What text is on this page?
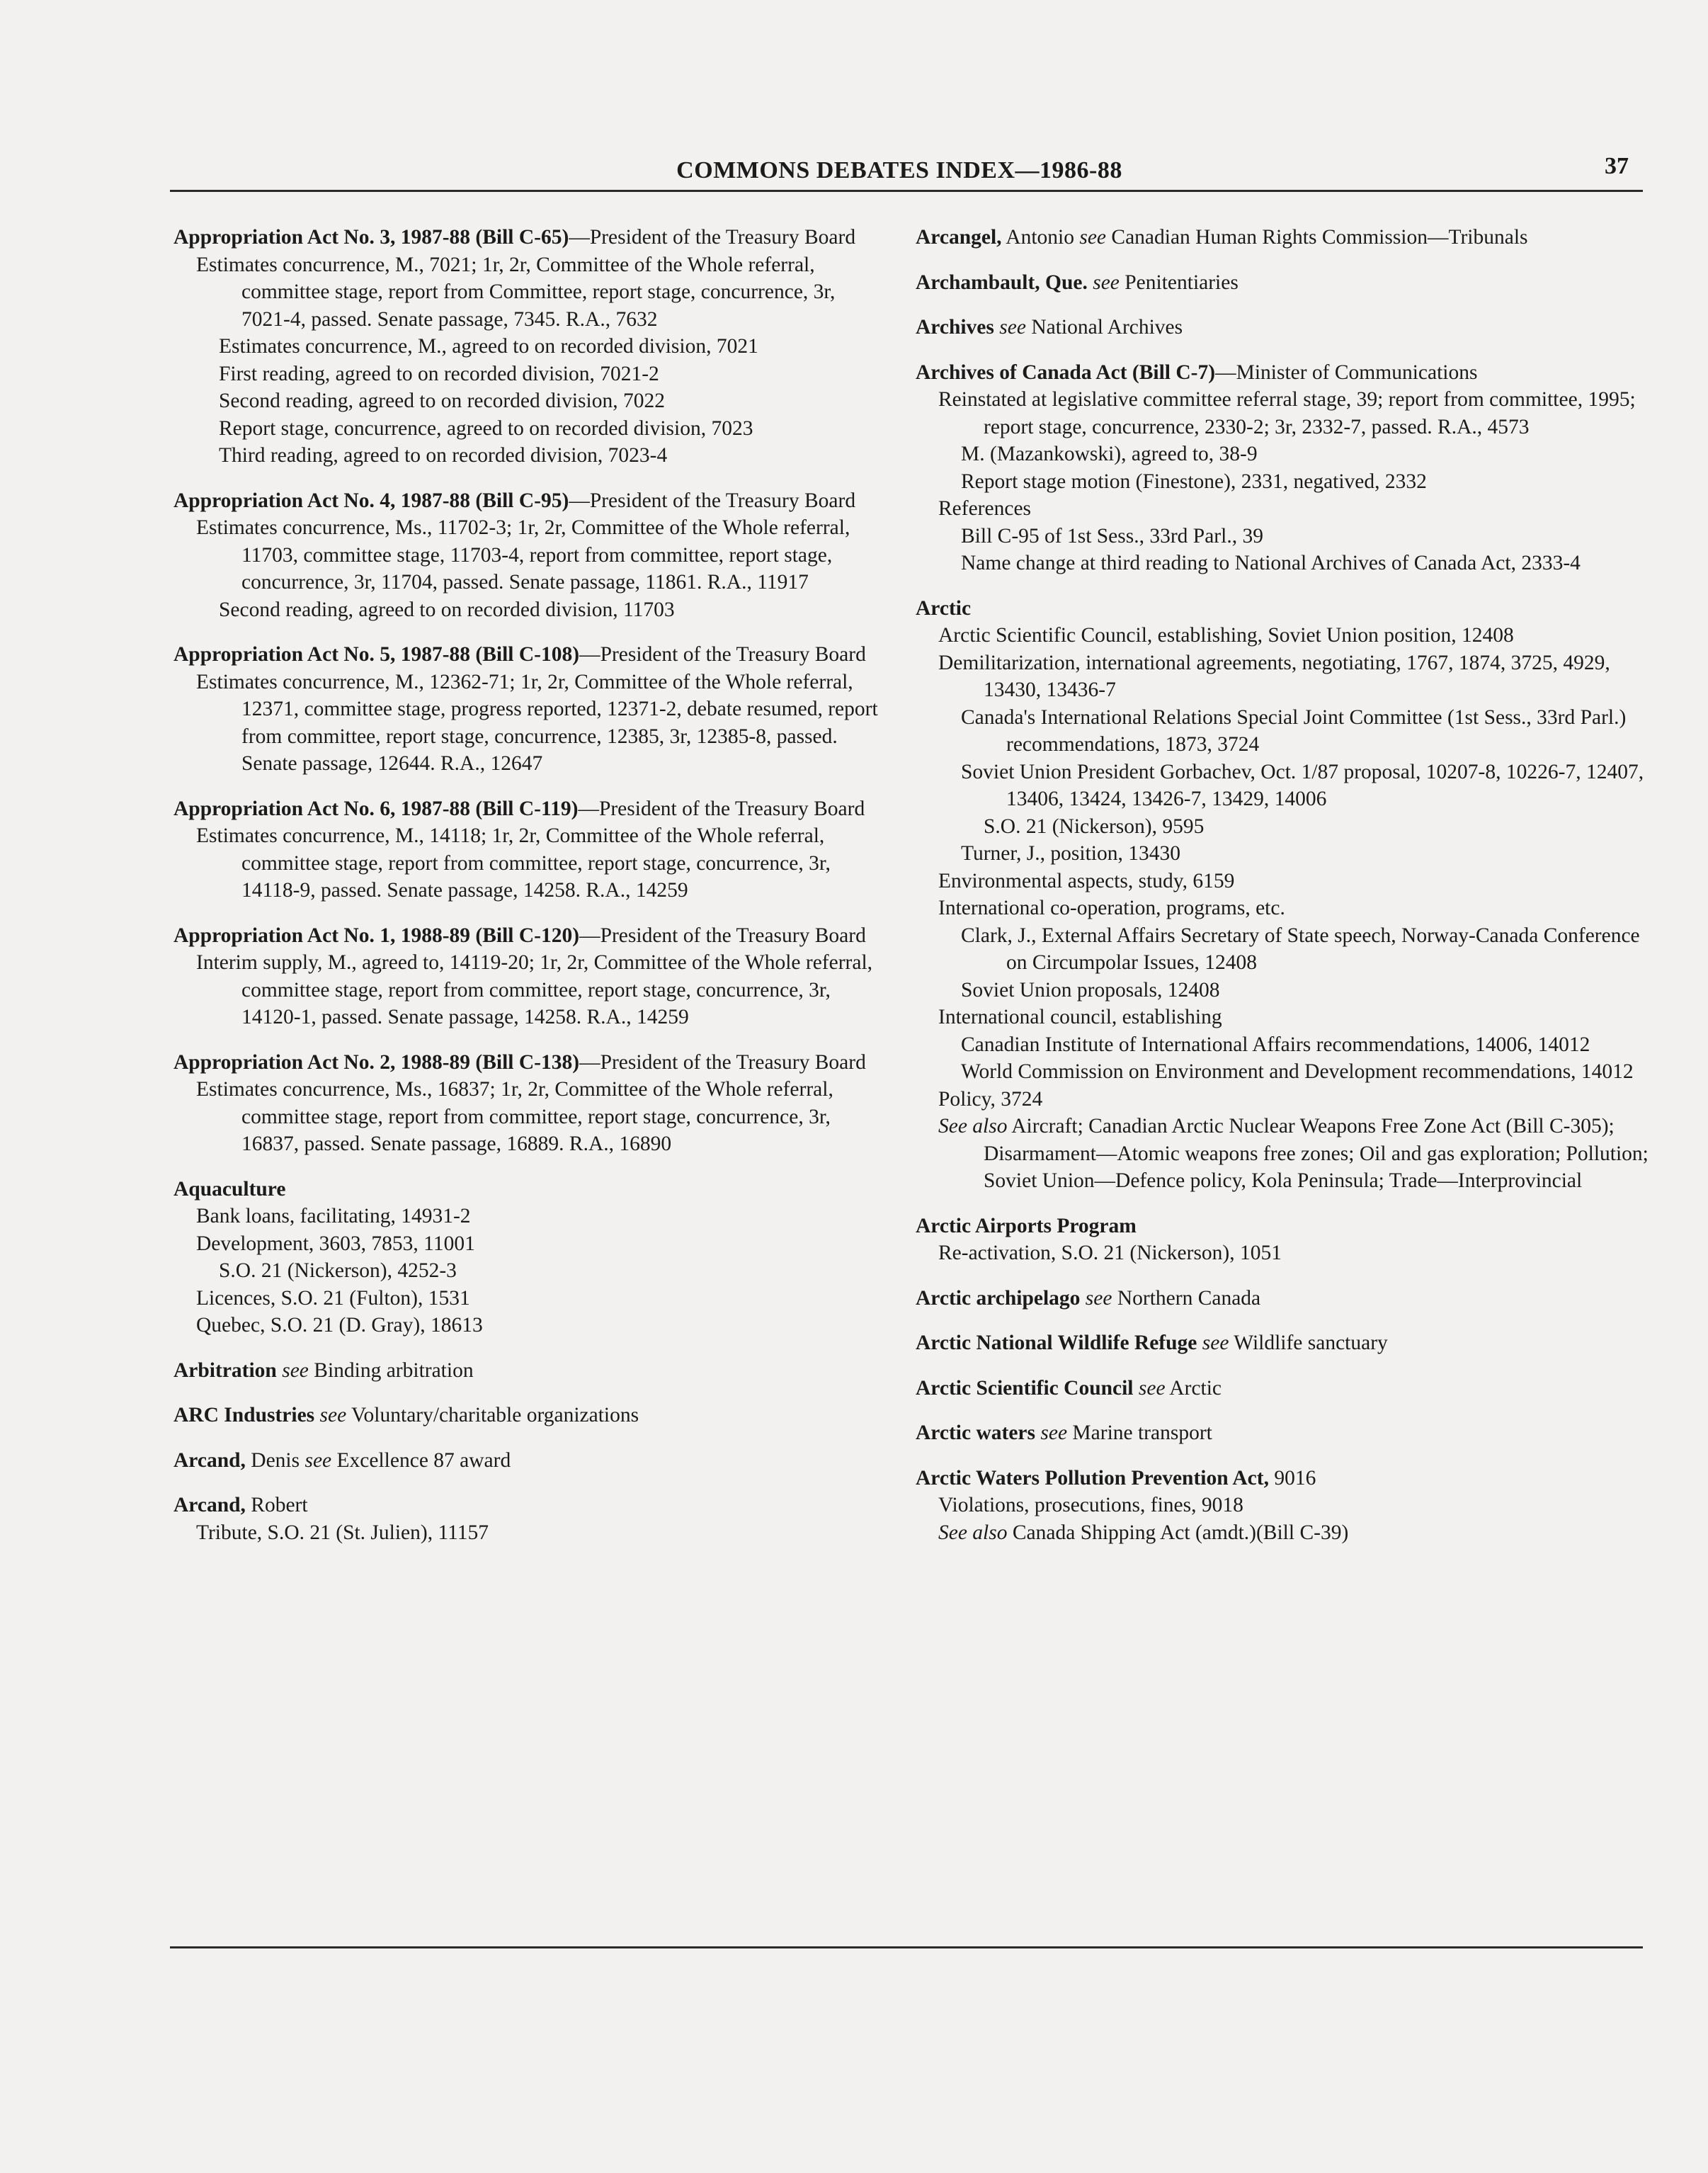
COMMONS DEBATES INDEX—1986-88	37
Appropriation Act No. 3, 1987-88 (Bill C-65)—President of the Treasury Board
Estimates concurrence, M., 7021; 1r, 2r, Committee of the Whole referral, committee stage, report from Committee, report stage, concurrence, 3r, 7021-4, passed. Senate passage, 7345. R.A., 7632
Estimates concurrence, M., agreed to on recorded division, 7021
First reading, agreed to on recorded division, 7021-2
Second reading, agreed to on recorded division, 7022
Report stage, concurrence, agreed to on recorded division, 7023
Third reading, agreed to on recorded division, 7023-4
Appropriation Act No. 4, 1987-88 (Bill C-95)—President of the Treasury Board
Estimates concurrence, Ms., 11702-3; 1r, 2r, Committee of the Whole referral, 11703, committee stage, 11703-4, report from committee, report stage, concurrence, 3r, 11704, passed. Senate passage, 11861. R.A., 11917
Second reading, agreed to on recorded division, 11703
Appropriation Act No. 5, 1987-88 (Bill C-108)—President of the Treasury Board
Estimates concurrence, M., 12362-71; 1r, 2r, Committee of the Whole referral, 12371, committee stage, progress reported, 12371-2, debate resumed, report from committee, report stage, concurrence, 12385, 3r, 12385-8, passed. Senate passage, 12644. R.A., 12647
Appropriation Act No. 6, 1987-88 (Bill C-119)—President of the Treasury Board
Estimates concurrence, M., 14118; 1r, 2r, Committee of the Whole referral, committee stage, report from committee, report stage, concurrence, 3r, 14118-9, passed. Senate passage, 14258. R.A., 14259
Appropriation Act No. 1, 1988-89 (Bill C-120)—President of the Treasury Board
Interim supply, M., agreed to, 14119-20; 1r, 2r, Committee of the Whole referral, committee stage, report from committee, report stage, concurrence, 3r, 14120-1, passed. Senate passage, 14258. R.A., 14259
Appropriation Act No. 2, 1988-89 (Bill C-138)—President of the Treasury Board
Estimates concurrence, Ms., 16837; 1r, 2r, Committee of the Whole referral, committee stage, report from committee, report stage, concurrence, 3r, 16837, passed. Senate passage, 16889. R.A., 16890
Aquaculture
Bank loans, facilitating, 14931-2
Development, 3603, 7853, 11001
S.O. 21 (Nickerson), 4252-3
Licences, S.O. 21 (Fulton), 1531
Quebec, S.O. 21 (D. Gray), 18613
Arbitration see Binding arbitration
ARC Industries see Voluntary/charitable organizations
Arcand, Denis see Excellence 87 award
Arcand, Robert
Tribute, S.O. 21 (St. Julien), 11157
Arcangel, Antonio see Canadian Human Rights Commission—Tribunals
Archambault, Que. see Penitentiaries
Archives see National Archives
Archives of Canada Act (Bill C-7)—Minister of Communications
Reinstated at legislative committee referral stage, 39; report from committee, 1995; report stage, concurrence, 2330-2; 3r, 2332-7, passed. R.A., 4573
M. (Mazankowski), agreed to, 38-9
Report stage motion (Finestone), 2331, negatived, 2332
References
Bill C-95 of 1st Sess., 33rd Parl., 39
Name change at third reading to National Archives of Canada Act, 2333-4
Arctic
Arctic Scientific Council, establishing, Soviet Union position, 12408
Demilitarization, international agreements, negotiating, 1767, 1874, 3725, 4929, 13430, 13436-7
Canada's International Relations Special Joint Committee (1st Sess., 33rd Parl.) recommendations, 1873, 3724
Soviet Union President Gorbachev, Oct. 1/87 proposal, 10207-8, 10226-7, 12407, 13406, 13424, 13426-7, 13429, 14006
S.O. 21 (Nickerson), 9595
Turner, J., position, 13430
Environmental aspects, study, 6159
International co-operation, programs, etc.
Clark, J., External Affairs Secretary of State speech, Norway-Canada Conference on Circumpolar Issues, 12408
Soviet Union proposals, 12408
International council, establishing
Canadian Institute of International Affairs recommendations, 14006, 14012
World Commission on Environment and Development recommendations, 14012
Policy, 3724
See also Aircraft; Canadian Arctic Nuclear Weapons Free Zone Act (Bill C-305); Disarmament—Atomic weapons free zones; Oil and gas exploration; Pollution; Soviet Union—Defence policy, Kola Peninsula; Trade—Interprovincial
Arctic Airports Program
Re-activation, S.O. 21 (Nickerson), 1051
Arctic archipelago see Northern Canada
Arctic National Wildlife Refuge see Wildlife sanctuary
Arctic Scientific Council see Arctic
Arctic waters see Marine transport
Arctic Waters Pollution Prevention Act, 9016
Violations, prosecutions, fines, 9018
See also Canada Shipping Act (amdt.)(Bill C-39)
